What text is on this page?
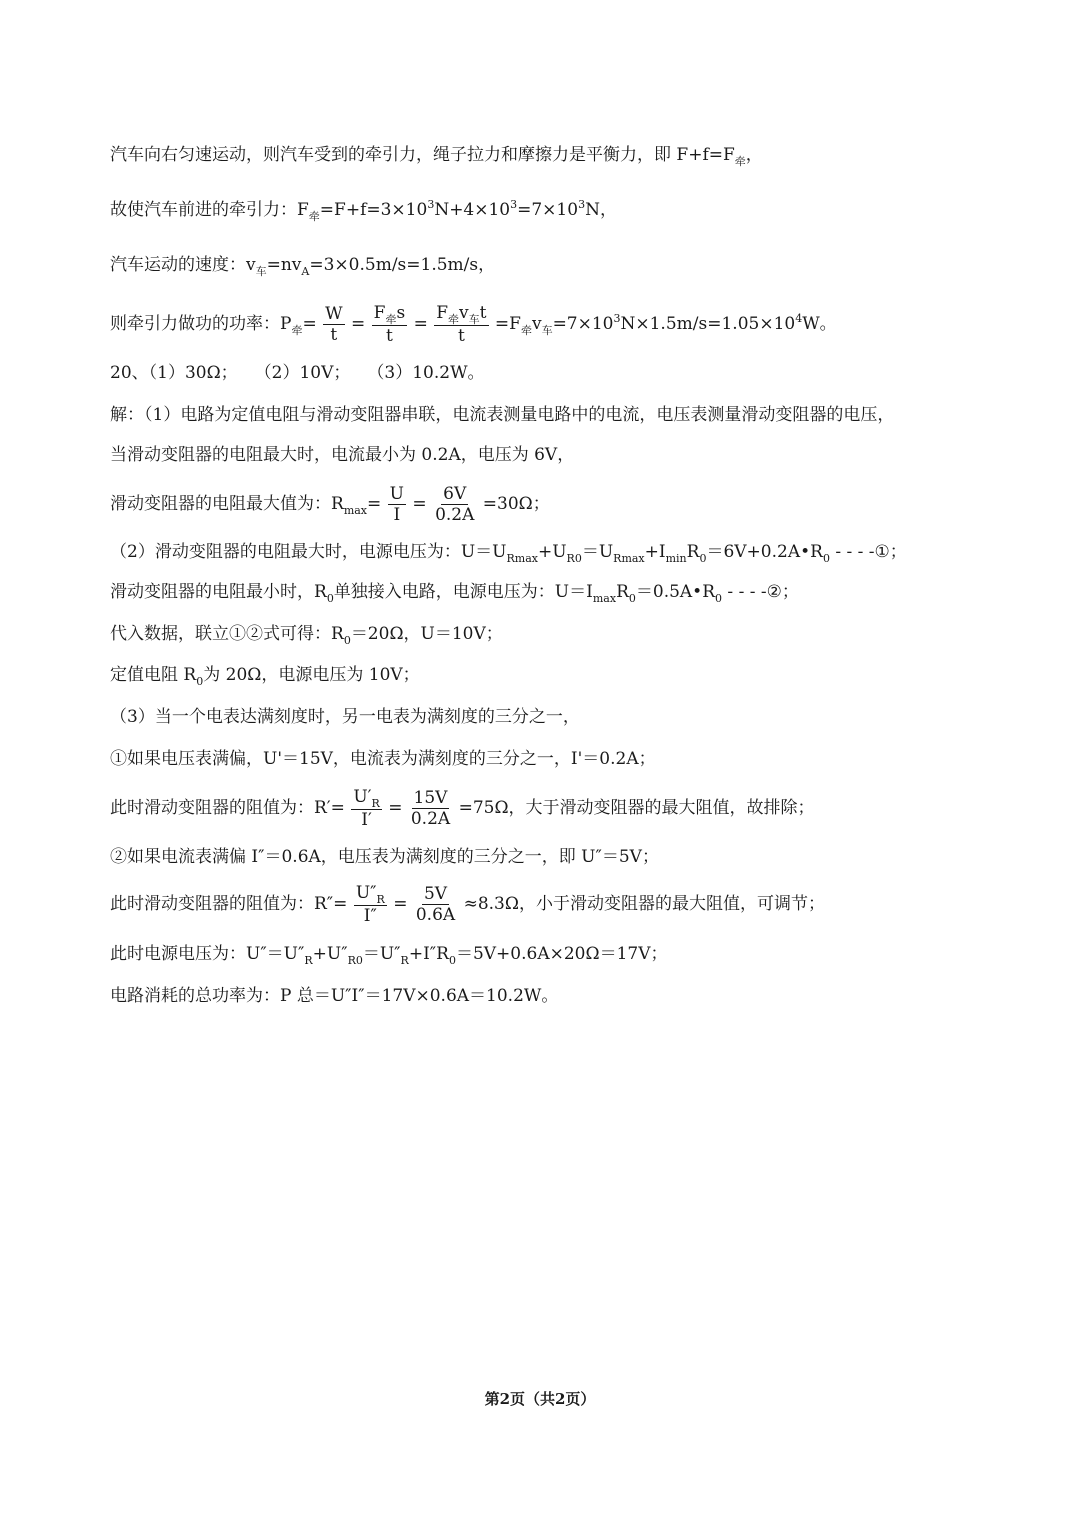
汽车向右匀速运动，则汽车受到的牵引力，绳子拉力和摩擦力是平衡力，即 $F+f=F_牵$，
故使汽车前进的牵引力：$F_牵=F+f=3\times 10^3N+4\times 10^3=7\times 10^3N$，
汽车运动的速度：$v_车=nv_A=3\times 0.5m/s=1.5m/s$，
则牵引力做功的功率：$P_牵= \frac{W}{t} = \frac{F_牵s}{t} = \frac{F_牵v_车t}{t} =F_牵v_车=7\times 10^3N\times 1.5m/s=1.05\times 10^4W$。
20、（1）30Ω；　　（2）10V；　　（3）10.2W。
解：（1）电路为定值电阻与滑动变阻器串联，电流表测量电路中的电流，电压表测量滑动变阻器的电压，
当滑动变阻器的电阻最大时，电流最小为 0.2A，电压为 6V，
滑动变阻器的电阻最大值为：$R_{max}= \frac{U}{I} = \frac{6V}{0.2A} =30\Omega$；
（2）滑动变阻器的电阻最大时，电源电压为：$U=U_{Rmax}+U_{R0}=U_{Rmax}+I_{min}R_0=6V+0.2A•R_0$ - - - -①；
滑动变阻器的电阻最小时，$R_0$单独接入电路，电源电压为：$U=I_{max}R_0=0.5A•R_0$ - - - -②；
代入数据，联立①②式可得：$R_0=20\Omega$，U＝10V；
定值电阻 $R_0$为 20Ω，电源电压为 10V；
（3）当一个电表达满刻度时，另一电表为满刻度的三分之一，
①如果电压表满偏，U'＝15V，电流表为满刻度的三分之一，I'＝0.2A；
此时滑动变阻器的阻值为：$R'= \frac{U'_R}{I'} = \frac{15V}{0.2A} =75\Omega$，大于滑动变阻器的最大阻值，故排除；
②如果电流表满偏 I″＝0.6A，电压表为满刻度的三分之一，即 U″＝5V；
此时滑动变阻器的阻值为：$R''= \frac{U''_R}{I''} = \frac{5V}{0.6A} \approx 8.3\Omega$，小于滑动变阻器的最大阻值，可调节；
此时电源电压为：$U''=U''_R+U''_{R0}=U''_R+I''R_0=5V+0.6A\times 20\Omega=17V$；
电路消耗的总功率为：P 总＝U″I″＝17V×0.6A＝10.2W。
第2页（共2页）
